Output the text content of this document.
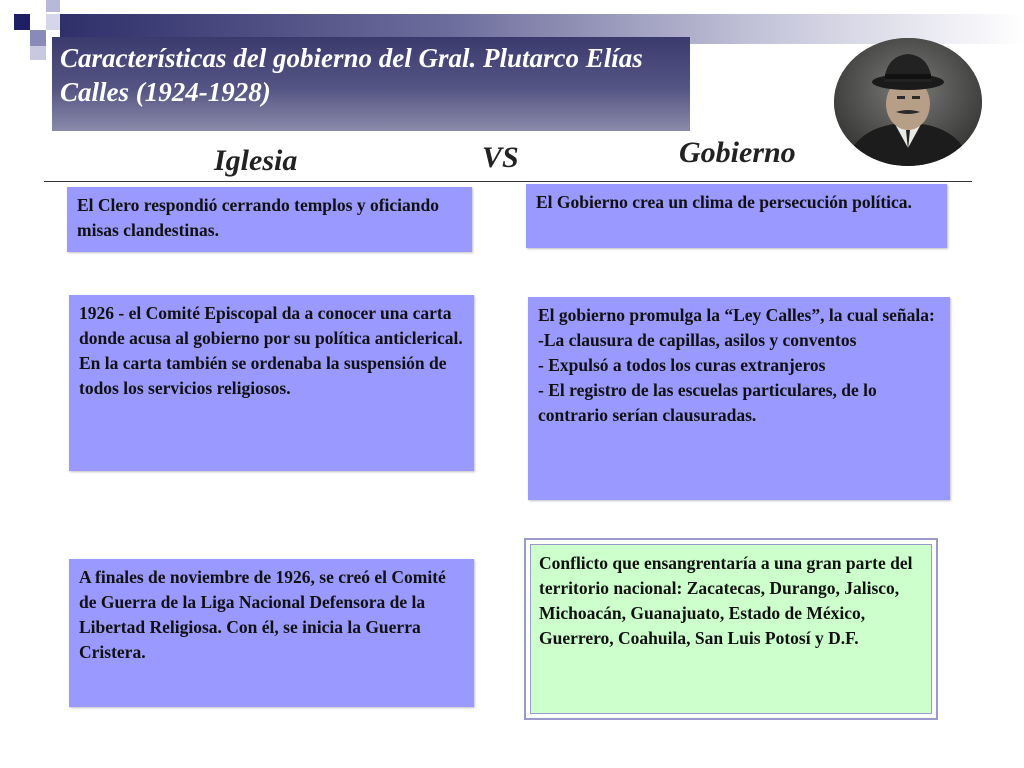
Características del gobierno del Gral. Plutarco Elías Calles (1924-1928)
Iglesia	VS	Gobierno

El Clero respondió cerrando templos y oficiando misas clandestinas.

1926 - el Comité Episcopal da a conocer una carta donde acusa al gobierno por su política anticlerical. En la carta también se ordenaba la suspensión de todos los servicios religiosos.

A finales de noviembre de 1926, se creó el Comité de Guerra de la Liga Nacional Defensora de la Libertad Religiosa. Con él, se inicia la Guerra Cristera.

El Gobierno crea un clima de persecución política.

El gobierno promulga la “Ley Calles”, la cual señala:

-La clausura de capillas, asilos y conventos

- Expulsó a todos los curas extranjeros

- El registro de las escuelas particulares, de lo contrario serían clausuradas.

Conflicto que ensangrentaría a una gran parte del territorio nacional: Zacatecas, Durango, Jalisco, Michoacán, Guanajuato, Estado de México, Guerrero, Coahuila, San Luis Potosí y D.F.
